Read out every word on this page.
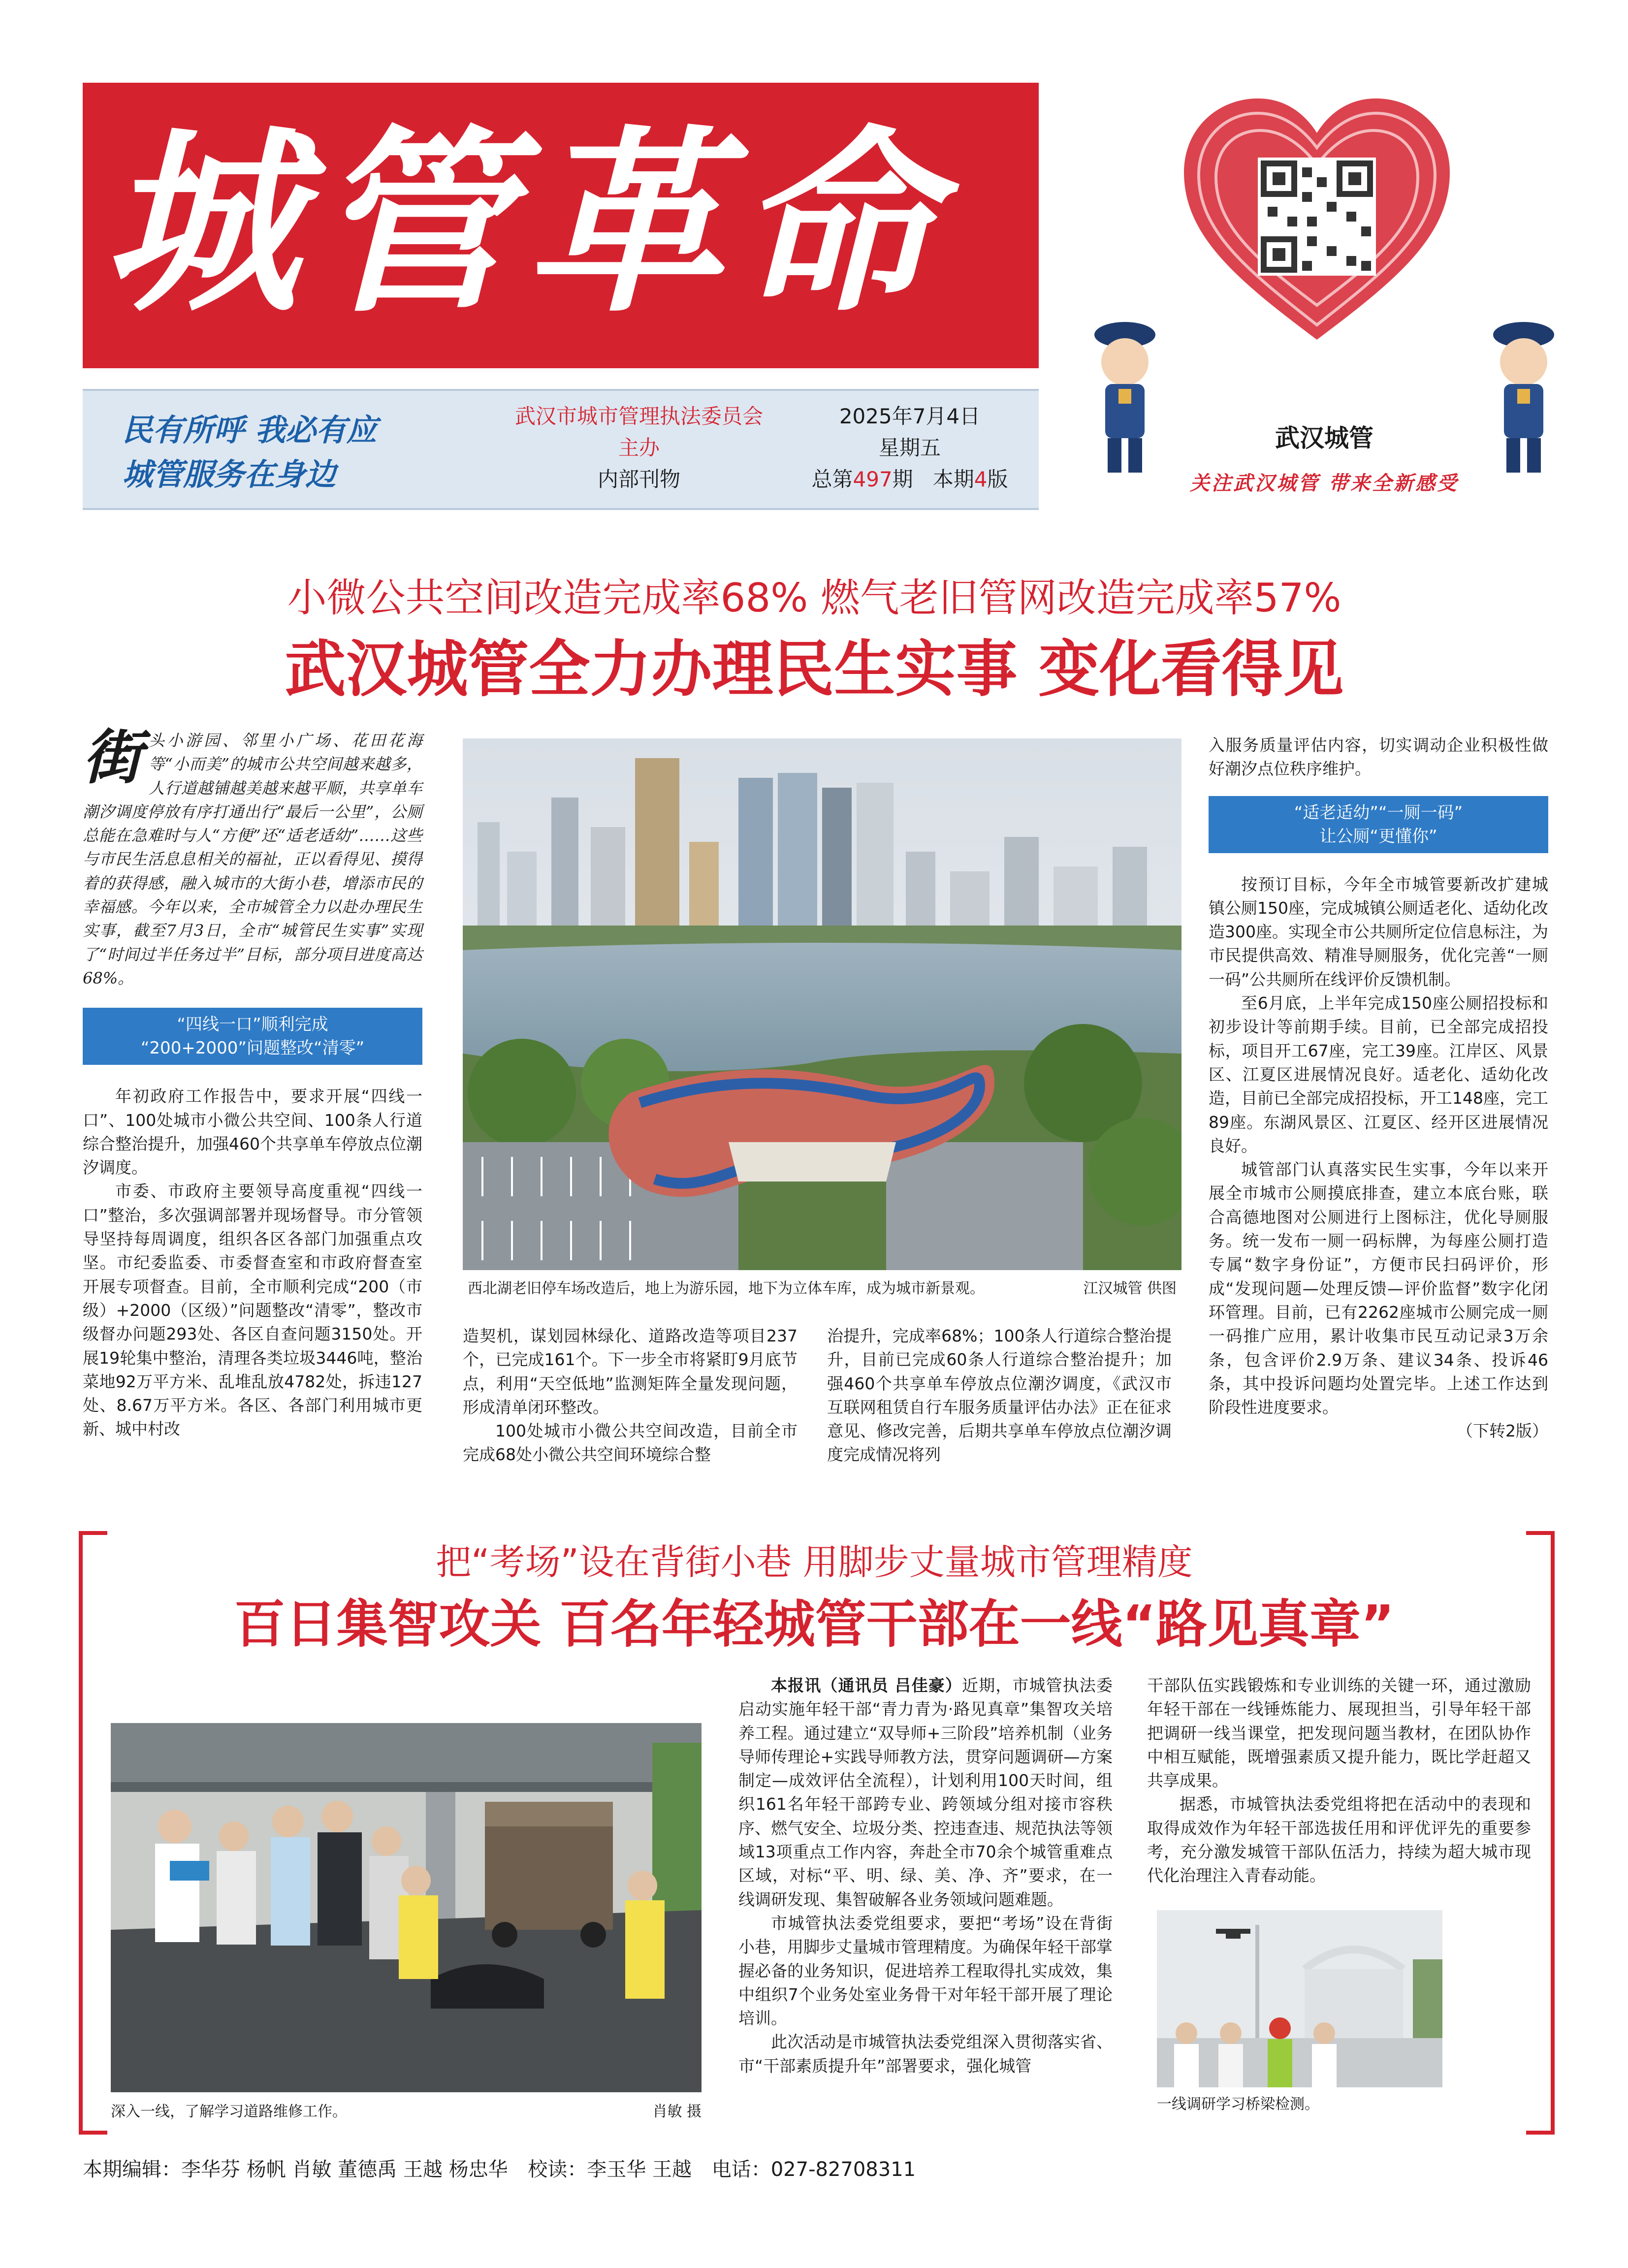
城管革命
民有所呼 我必有应
城管服务在身边
武汉市城市管理执法委员会
主办
内部刊物
2025年7月4日
星期五
总第497期 本期4版
武汉城管
关注武汉城管 带来全新感受
小微公共空间改造完成率68% 燃气老旧管网改造完成率57%
武汉城管全力办理民生实事 变化看得见
街头小游园、邻里小广场、花田花海等“小而美”的城市公共空间越来越多，人行道越铺越美越来越平顺，共享单车潮汐调度停放有序打通出行“最后一公里”，公厕总能在急难时与人“方便”还“适老适幼”……这些与市民生活息息相关的福祉，正以看得见、摸得着的获得感，融入城市的大街小巷，增添市民的幸福感。今年以来，全市城管全力以赴办理民生实事，截至7月3日，全市“城管民生实事”实现了“时间过半任务过半”目标，部分项目进度高达68%。
“四线一口”顺利完成
“200+2000”问题整改“清零”

年初政府工作报告中，要求开展“四线一口”、100处城市小微公共空间、100条人行道综合整治提升，加强460个共享单车停放点位潮汐调度。

市委、市政府主要领导高度重视“四线一口”整治，多次强调部署并现场督导。市分管领导坚持每周调度，组织各区各部门加强重点攻坚。市纪委监委、市委督查室和市政府督查室开展专项督查。目前，全市顺利完成“200（市级）+2000（区级）”问题整改“清零”，整改市级督办问题293处、各区自查问题3150处。开展19轮集中整治，清理各类垃圾3446吨，整治菜地92万平方米、乱堆乱放4782处，拆违127处、8.67万平方米。各区、各部门利用城市更新、城中村改

西北湖老旧停车场改造后，地上为游乐园，地下为立体车库，成为城市新景观。	江汉城管 供图

造契机，谋划园林绿化、道路改造等项目237个，已完成161个。下一步全市将紧盯9月底节点，利用“天空低地”监测矩阵全量发现问题，形成清单闭环整改。

100处城市小微公共空间改造，目前全市完成68处小微公共空间环境综合整

治提升，完成率68%；100条人行道综合整治提升，目前已完成60条人行道综合整治提升；加强460个共享单车停放点位潮汐调度，《武汉市互联网租赁自行车服务质量评估办法》正在征求意见、修改完善，后期共享单车停放点位潮汐调度完成情况将列

入服务质量评估内容，切实调动企业积极性做好潮汐点位秩序维护。

“适老适幼”“一厕一码”
让公厕“更懂你”

按预订目标，今年全市城管要新改扩建城镇公厕150座，完成城镇公厕适老化、适幼化改造300座。实现全市公共厕所定位信息标注，为市民提供高效、精准导厕服务，优化完善“一厕一码”公共厕所在线评价反馈机制。

至6月底，上半年完成150座公厕招投标和初步设计等前期手续。目前，已全部完成招投标，项目开工67座，完工39座。江岸区、风景区、江夏区进展情况良好。适老化、适幼化改造，目前已全部完成招投标，开工148座，完工89座。东湖风景区、江夏区、经开区进展情况良好。

城管部门认真落实民生实事，今年以来开展全市城市公厕摸底排查，建立本底台账，联合高德地图对公厕进行上图标注，优化导厕服务。统一发布一厕一码标牌，为每座公厕打造专属“数字身份证”，方便市民扫码评价，形成“发现问题—处理反馈—评价监督”数字化闭环管理。目前，已有2262座城市公厕完成一厕一码推广应用，累计收集市民互动记录3万余条，包含评价2.9万条、建议34条、投诉46条，其中投诉问题均处置完毕。上述工作达到阶段性进度要求。

（下转2版）
把“考场”设在背街小巷 用脚步丈量城市管理精度
百日集智攻关 百名年轻城管干部在一线“路见真章”
深入一线，了解学习道路维修工作。	肖敏 摄

本报讯（通讯员 吕佳豪）近期，市城管执法委启动实施年轻干部“青力青为·路见真章”集智攻关培养工程。通过建立“双导师+三阶段”培养机制（业务导师传理论+实践导师教方法，贯穿问题调研—方案制定—成效评估全流程），计划利用100天时间，组织161名年轻干部跨专业、跨领域分组对接市容秩序、燃气安全、垃圾分类、控违查违、规范执法等领域13项重点工作内容，奔赴全市70余个城管重难点区域，对标“平、明、绿、美、净、齐”要求，在一线调研发现、集智破解各业务领域问题难题。

市城管执法委党组要求，要把“考场”设在背街小巷，用脚步丈量城市管理精度。为确保年轻干部掌握必备的业务知识，促进培养工程取得扎实成效，集中组织7个业务处室业务骨干对年轻干部开展了理论培训。

此次活动是市城管执法委党组深入贯彻落实省、市“干部素质提升年”部署要求，强化城管

干部队伍实践锻炼和专业训练的关键一环，通过激励年轻干部在一线锤炼能力、展现担当，引导年轻干部把调研一线当课堂，把发现问题当教材，在团队协作中相互赋能，既增强素质又提升能力，既比学赶超又共享成果。

据悉，市城管执法委党组将把在活动中的表现和取得成效作为年轻干部选拔任用和评优评先的重要参考，充分激发城管干部队伍活力，持续为超大城市现代化治理注入青春动能。

一线调研学习桥梁检测。
本期编辑：李华芬 杨帆 肖敏 董德禹 王越 杨忠华 校读：李玉华 王越 电话：027-82708311
